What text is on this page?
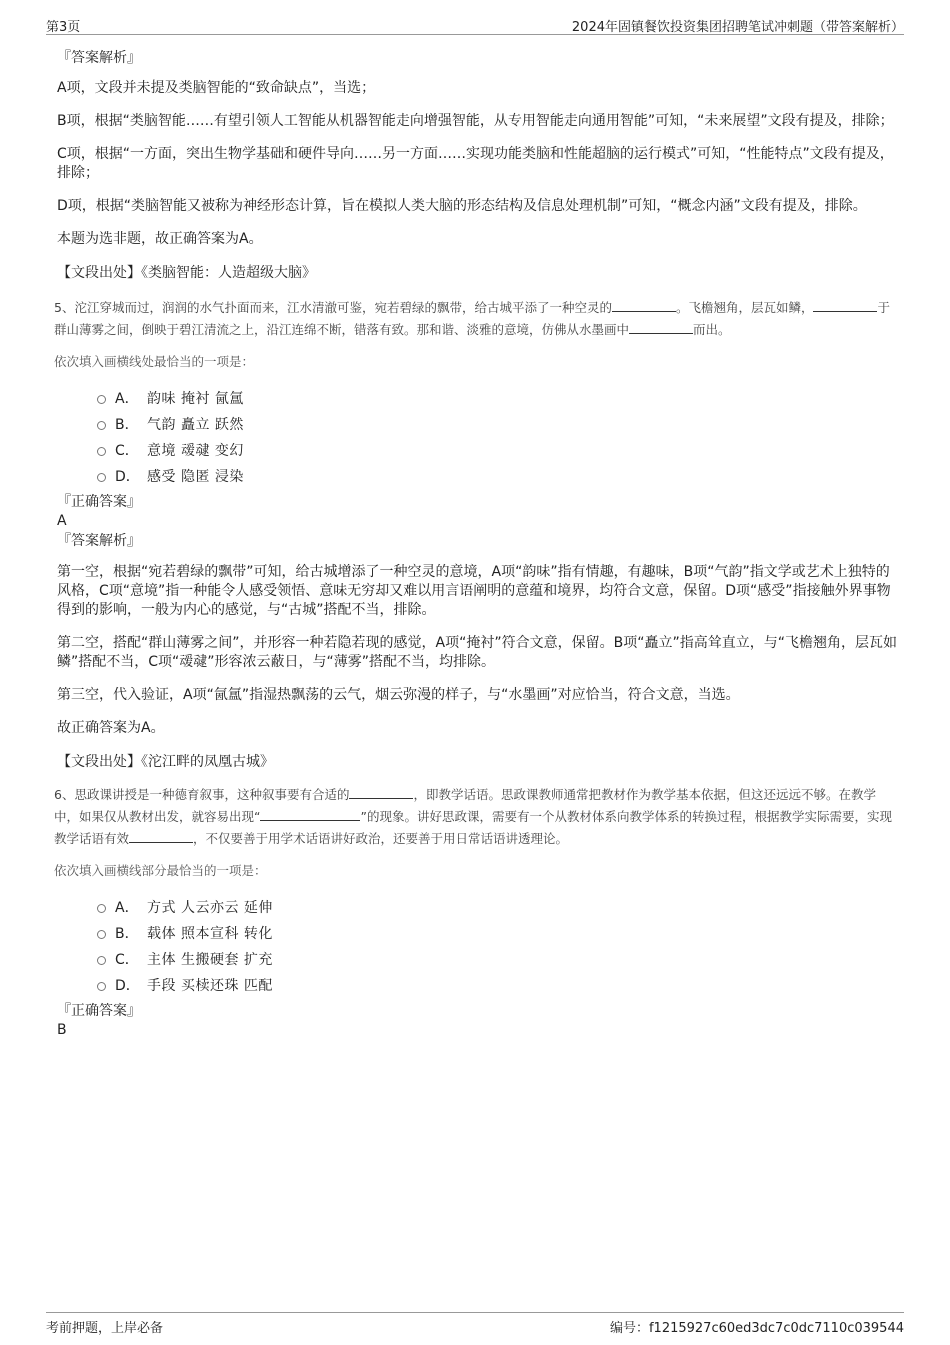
第3页	2024年固镇餐饮投资集团招聘笔试冲刺题（带答案解析）

『答案解析』

A项，文段并未提及类脑智能的“致命缺点”，当选；

B项，根据“类脑智能……有望引领人工智能从机器智能走向增强智能，从专用智能走向通用智能”可知，“未来展望”文段有提及，排除；

C项，根据“一方面，突出生物学基础和硬件导向……另一方面……实现功能类脑和性能超脑的运行模式”可知，“性能特点”文段有提及，排除；

D项，根据“类脑智能又被称为神经形态计算，旨在模拟人类大脑的形态结构及信息处理机制”可知，“概念内涵”文段有提及，排除。

本题为选非题，故正确答案为A。

【文段出处】《类脑智能：人造超级大脑》

5、沱江穿城而过，润润的水气扑面而来，江水清澈可鉴，宛若碧绿的飘带，给古城平添了一种空灵的	。飞檐翘角，层瓦如鳞，	于群山薄雾之间，倒映于碧江清流之上，沿江连绵不断，错落有致。那和谐、淡雅的意境，仿佛从水墨画中	而出。

依次填入画横线处最恰当的一项是：

A． 韵味 掩衬 氤氲
B． 气韵 矗立 跃然
C． 意境 叆叇 变幻
D． 感受 隐匿 浸染

『正确答案』

A

『答案解析』

第一空，根据“宛若碧绿的飘带”可知，给古城增添了一种空灵的意境，A项“韵味”指有情趣，有趣味，B项“气韵”指文学或艺术上独特的风格，C项“意境”指一种能令人感受领悟、意味无穷却又难以用言语阐明的意蕴和境界，均符合文意，保留。D项“感受”指接触外界事物得到的影响，一般为内心的感觉，与“古城”搭配不当，排除。

第二空，搭配“群山薄雾之间”，并形容一种若隐若现的感觉，A项“掩衬”符合文意，保留。B项“矗立”指高耸直立，与“飞檐翘角，层瓦如鳞”搭配不当，C项“叆叇”形容浓云蔽日，与“薄雾”搭配不当，均排除。

第三空，代入验证，A项“氤氲”指湿热飘荡的云气，烟云弥漫的样子，与“水墨画”对应恰当，符合文意，当选。

故正确答案为A。

【文段出处】《沱江畔的凤凰古城》

6、思政课讲授是一种德育叙事，这种叙事要有合适的	，即教学话语。思政课教师通常把教材作为教学基本依据，但这还远远不够。在教学中，如果仅从教材出发，就容易出现“	”的现象。讲好思政课，需要有一个从教材体系向教学体系的转换过程，根据教学实际需要，实现教学话语有效	，不仅要善于用学术话语讲好政治，还要善于用日常话语讲透理论。

依次填入画横线部分最恰当的一项是：

A． 方式 人云亦云 延伸
B． 载体 照本宣科 转化
C． 主体 生搬硬套 扩充
D． 手段 买椟还珠 匹配

『正确答案』

B

考前押题，上岸必备	编号：f1215927c60ed3dc7c0dc7110c039544
